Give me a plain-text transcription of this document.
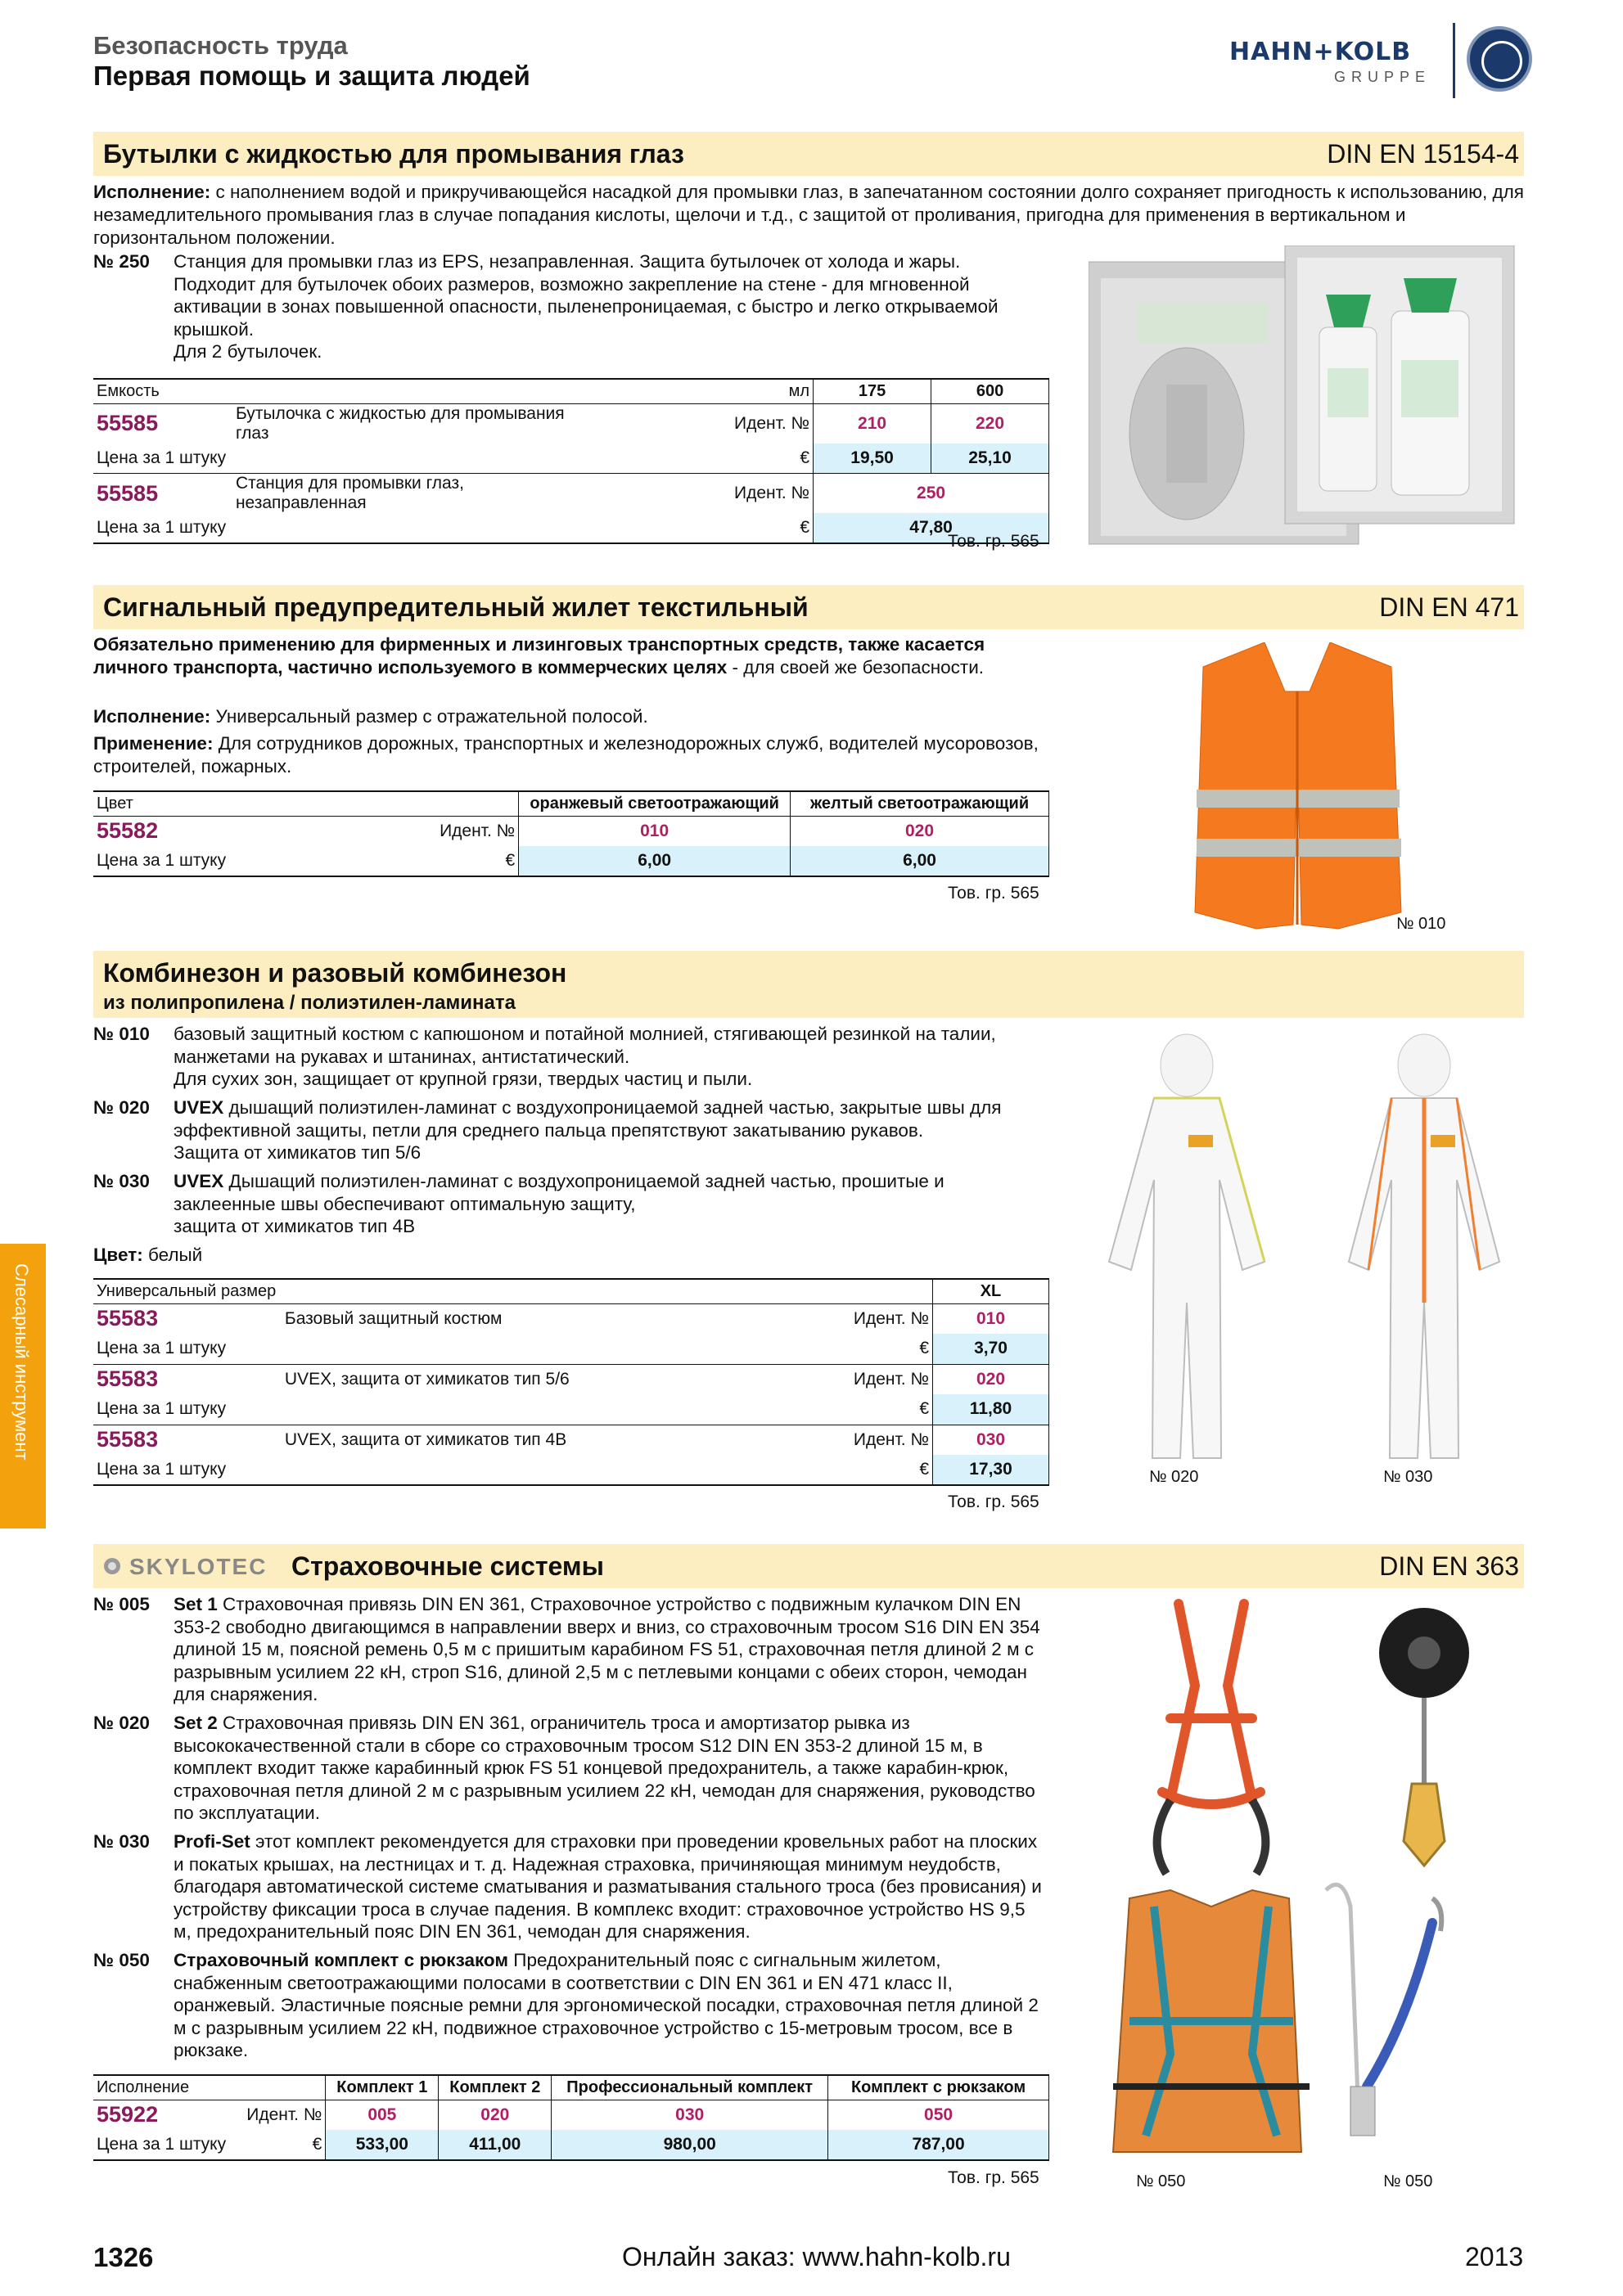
Безопасность труда
Первая помощь и защита людей
HAHN+KOLB
GRUPPE
Слесарный инструмент
Бутылки с жидкостью для промывания глаз	DIN EN 15154-4
Исполнение: с наполнением водой и прикручивающейся насадкой для промывки глаз, в запечатанном состоянии долго сохраняет пригодность к использованию, для незамедлительного промывания глаз в случае попадания кислоты, щелочи и т.д., с защитой от проливания, пригодна для применения в вертикальном и горизонтальном положении.
№ 250 Станция для промывки глаз из EPS, незаправленная. Защита бутылочек от холода и жары. Подходит для бутылочек обоих размеров, возможно закрепление на стене - для мгновенной активации в зонах повышенной опасности, пыленепроницаемая, с быстро и легко открываемой крышкой.
Для 2 бутылочек.
Емкость		мл	175	600
55585	Бутылочка с жидкостью для промывания глаз	Идент. №	210	220
Цена за 1 штуку		€	19,50	25,10
55585	Станция для промывки глаз, незаправленная	Идент. №	250	
Цена за 1 штуку		€	47,80	
Тов. гр. 565
Сигнальный предупредительный жилет текстильный	DIN EN 471
Обязательно применению для фирменных и лизинговых транспортных средств, также касается личного транспорта, частично используемого в коммерческих целях - для своей же безопасности.
Исполнение: Универсальный размер с отражательной полосой.
Применение: Для сотрудников дорожных, транспортных и железнодорожных служб, водителей мусоровозов, строителей, пожарных.
Цвет		оранжевый светоотражающий	желтый светоотражающий
55582	Идент. №	010	020
Цена за 1 штуку	€	6,00	6,00
Тов. гр. 565
№ 010
Комбинезон и разовый комбинезон
из полипропилена / полиэтилен-ламината
№ 010 базовый защитный костюм с капюшоном и потайной молнией, стягивающей резинкой на талии, манжетами на рукавах и штанинах, антистатический.
Для сухих зон, защищает от крупной грязи, твердых частиц и пыли.
№ 020 UVEX дышащий полиэтилен-ламинат с воздухопроницаемой задней частью, закрытые швы для эффективной защиты, петли для среднего пальца препятствуют закатыванию рукавов.
Защита от химикатов тип 5/6
№ 030 UVEX Дышащий полиэтилен-ламинат с воздухопроницаемой задней частью, прошитые и заклеенные швы обеспечивают оптимальную защиту,
защита от химикатов тип 4B
Цвет: белый
Универсальный размер			XL
55583	Базовый защитный костюм	Идент. №	010
Цена за 1 штуку		€	3,70
55583	UVEX, защита от химикатов тип 5/6	Идент. №	020
Цена за 1 штуку		€	11,80
55583	UVEX, защита от химикатов тип 4B	Идент. №	030
Цена за 1 штуку		€	17,30
Тов. гр. 565
№ 020	№ 030
SKYLOTEC Страховочные системы	DIN EN 363
№ 005 Set 1 Страховочная привязь DIN EN 361, Страховочное устройство с подвижным кулачком DIN EN 353-2 свободно двигающимся в направлении вверх и вниз, со страховочным тросом S16 DIN EN 354 длиной 15 м, поясной ремень 0,5 м с пришитым карабином FS 51, страховочная петля длиной 2 м с разрывным усилием 22 кН, строп S16, длиной 2,5 м с петлевыми концами с обеих сторон, чемодан для снаряжения.
№ 020 Set 2 Страховочная привязь DIN EN 361, ограничитель троса и амортизатор рывка из высококачественной стали в сборе со страховочным тросом S12 DIN EN 353-2 длиной 15 м, в комплект входит также карабинный крюк FS 51 концевой предохранитель, а также карабин-крюк, страховочная петля длиной 2 м с разрывным усилием 22 кН, чемодан для снаряжения, руководство по эксплуатации.
№ 030 Profi-Set этот комплект рекомендуется для страховки при проведении кровельных работ на плоских и покатых крышах, на лестницах и т. д. Надежная страховка, причиняющая минимум неудобств, благодаря автоматической системе сматывания и разматывания стального троса (без провисания) и устройству фиксации троса в случае падения. В комплекс входит: страховочное устройство HS 9,5 м, предохранительный пояс DIN EN 361, чемодан для снаряжения.
№ 050 Страховочный комплект с рюкзаком Предохранительный пояс с сигнальным жилетом, снабженным светоотражающими полосами в соответствии с DIN EN 361 и EN 471 класс II, оранжевый. Эластичные поясные ремни для эргономической посадки, страховочная петля длиной 2 м с разрывным усилием 22 кН, подвижное страховочное устройство с 15-метровым тросом, все в рюкзаке.
Исполнение		Комплект 1	Комплект 2	Профессиональный комплект	Комплект с рюкзаком
55922	Идент. №	005	020	030	050
Цена за 1 штуку	€	533,00	411,00	980,00	787,00
Тов. гр. 565	№ 050	№ 050
1326	Онлайн заказ: www.hahn-kolb.ru	2013
